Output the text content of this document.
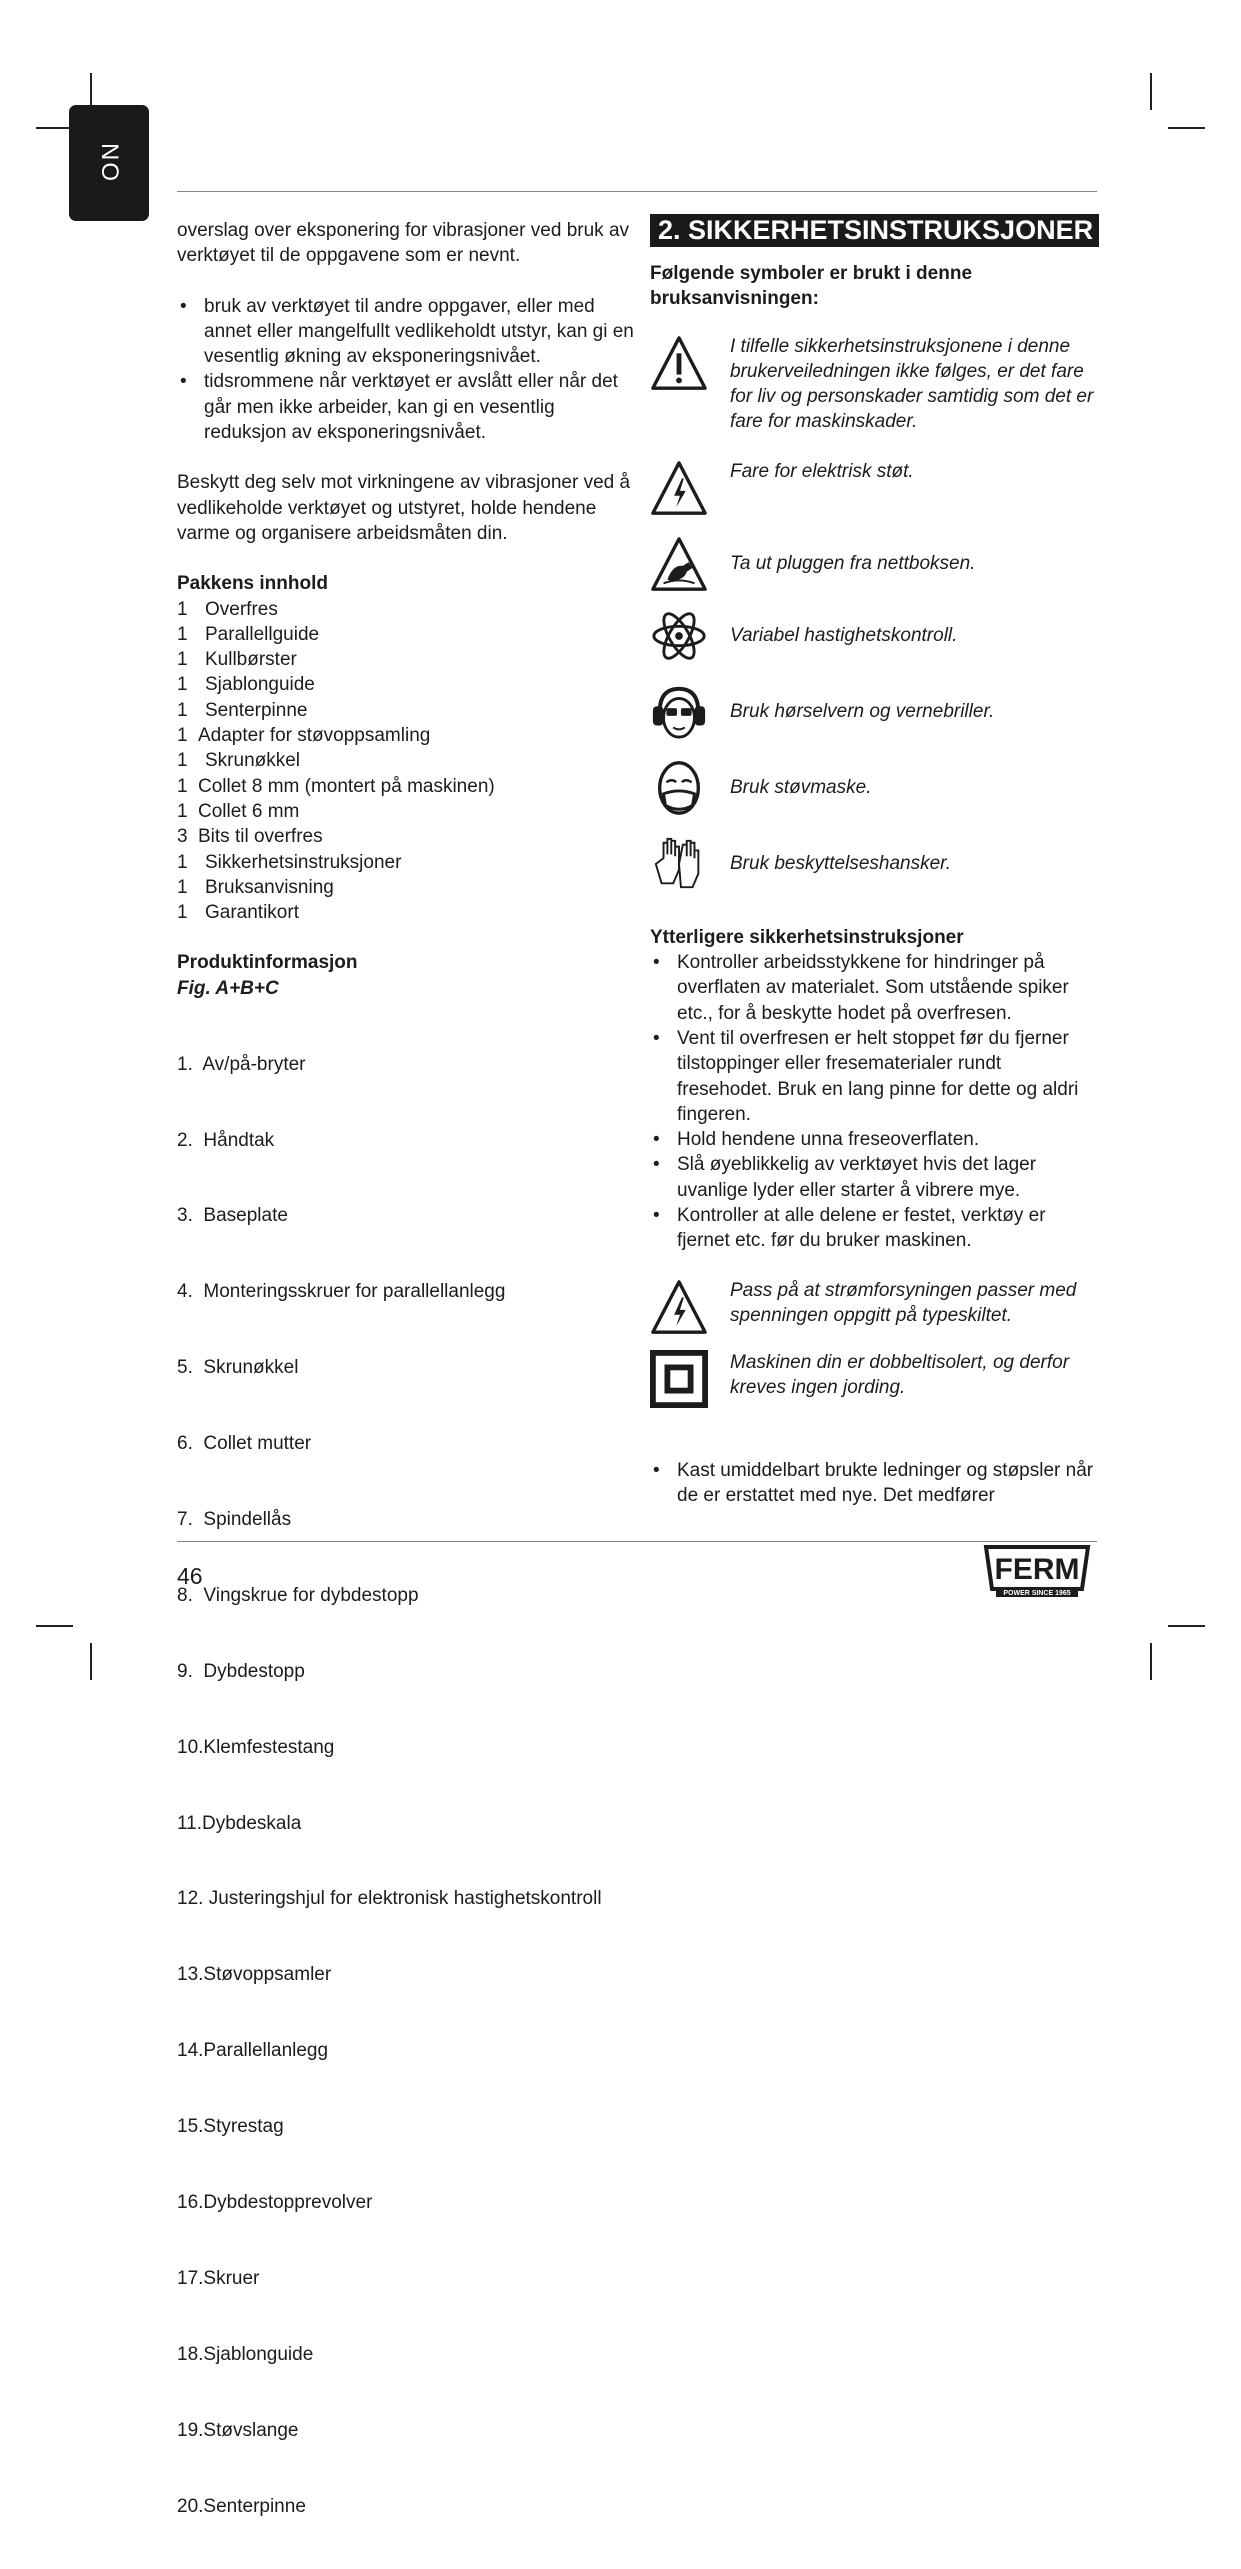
NO

overslag over eksponering for vibrasjoner ved bruk av verktøyet til de oppgavene som er nevnt.

• bruk av verktøyet til andre oppgaver, eller med annet eller mangelfullt vedlikeholdt utstyr, kan gi en vesentlig økning av eksponeringsnivået.
• tidsrommene når verktøyet er avslått eller når det går men ikke arbeider, kan gi en vesentlig reduksjon av eksponeringsnivået.

Beskytt deg selv mot virkningene av vibrasjoner ved å vedlikeholde verktøyet og utstyret, holde hendene varme og organisere arbeidsmåten din.

Pakkens innhold

1 Overfres
1 Parallellguide
1 Kullbørster
1 Sjablonguide
1 Senterpinne
1 Adapter for støvoppsamling
1 Skrunøkkel
1 Collet 8 mm (montert på maskinen)
1 Collet 6 mm
3 Bits til overfres
1 Sikkerhetsinstruksjoner
1 Bruksanvisning
1 Garantikort

Produktinformasjon

Fig. A+B+C

1.  Av/på-bryter

2.  Håndtak

3.  Baseplate

4.  Monteringsskruer for parallellanlegg

5.  Skrunøkkel

6.  Collet mutter

7.  Spindellås

8.  Vingskrue for dybdestopp

9.  Dybdestopp

10.Klemfestestang

11.Dybdeskala

12. Justeringshjul for elektronisk hastighetskontroll

13.Støvoppsamler

14.Parallellanlegg

15.Styrestag

16.Dybdestopprevolver

17.Skruer

18.Sjablonguide

19.Støvslange

20.Senterpinne

2. SIKKERHETSINSTRUKSJONER

Følgende symboler er brukt i denne bruksanvisningen:

I tilfelle sikkerhetsinstruksjonene i denne brukerveiledningen ikke følges, er det fare for liv og personskader samtidig som det er fare for maskinskader.

Fare for elektrisk støt.

Ta ut pluggen fra nettboksen.

Variabel hastighetskontroll.

Bruk hørselvern og vernebriller.

Bruk støvmaske.

Bruk beskyttelseshansker.

Ytterligere sikkerhetsinstruksjoner

• Kontroller arbeidsstykkene for hindringer på overflaten av materialet. Som utstående spiker etc., for å beskytte hodet på overfresen.
• Vent til overfresen er helt stoppet før du fjerner tilstoppinger eller fresematerialer rundt fresehodet. Bruk en lang pinne for dette og aldri fingeren.
• Hold hendene unna freseoverflaten.
• Slå øyeblikkelig av verktøyet hvis det lager uvanlige lyder eller starter å vibrere mye.
• Kontroller at alle delene er festet, verktøy er fjernet etc. før du bruker maskinen.

Pass på at strømforsyningen passer med spenningen oppgitt på typeskiltet.

Maskinen din er dobbeltisolert, og derfor kreves ingen jording.

• Kast umiddelbart brukte ledninger og støpsler når de er erstattet med nye. Det medfører
46	FERM
POWER SINCE 1965
